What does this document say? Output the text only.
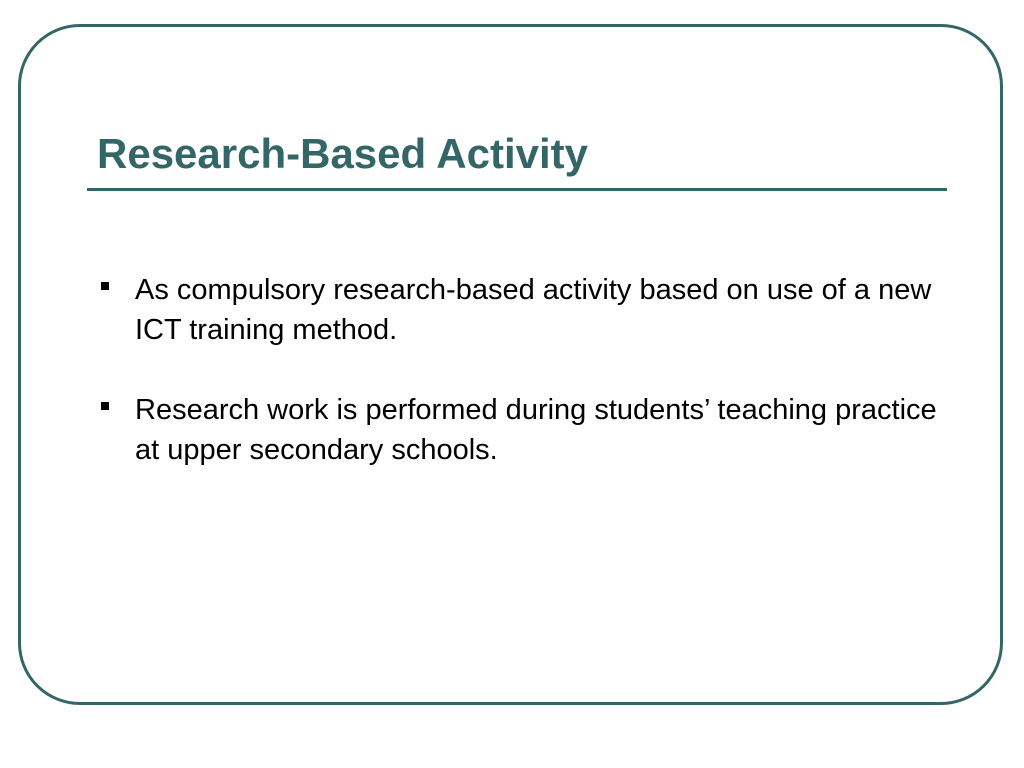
Research-Based Activity
As compulsory research-based activity based on use of a new ICT training method.
Research work is performed during students’ teaching practice at upper secondary schools.
